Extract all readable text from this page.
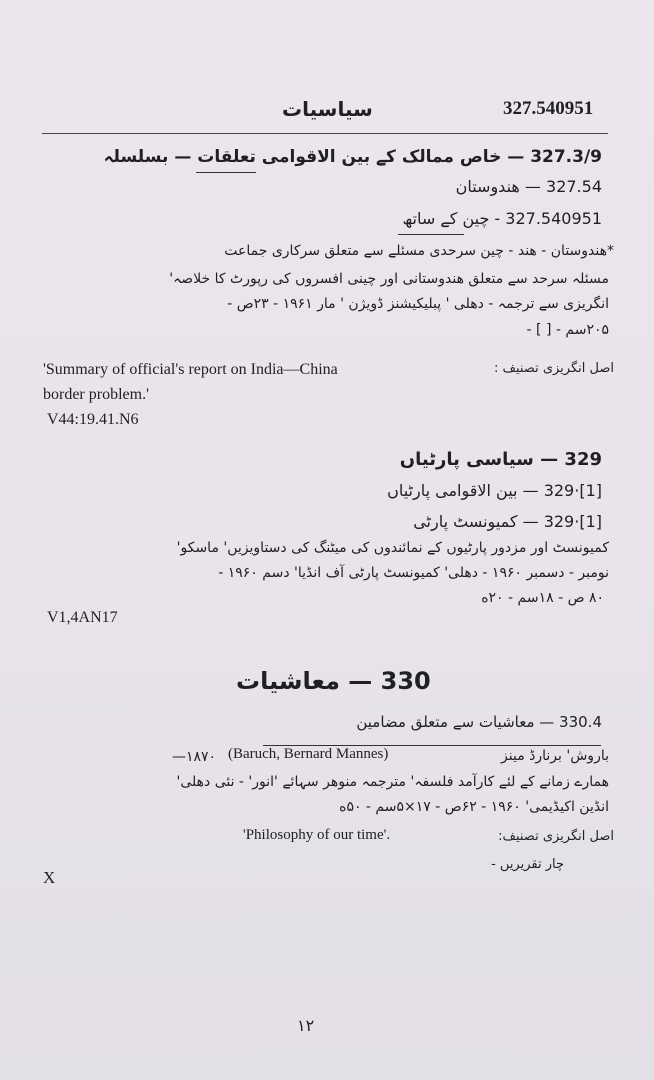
327.540951
سیاسیات
327.3/9 — خاص ممالک کے بین الاقوامی تعلقات — بسلسلہ
327.54 — هندوستان
327.540951 - چین کے ساتھ
*هندوستان - هند - چین سرحدی مسئلے سے متعلق سرکاری جماعت
مسئلہ سرحد سے متعلق هندوستانی اور چینی افسروں کی رپورٹ کا خلاصہ'
انگریزی سے ترجمہ - دهلی ' پبلیکیشنز ڈویژن ' مار ۱۹۶۱ - ۲۳ص -
۲۰۵سم - [ ] -
'Summary of official's report on India—China	اصل انگریزی تصنیف :
border problem.'
V44:19.41.N6
329 — سیاسی پارٹیاں
[1]·329 — بین الاقوامی پارٹیاں
[1]·329 — کمیونسٹ پارٹی
کمیونسٹ اور مزدور پارٹیوں کے نمائندوں کی میٹنگ کی دستاویزیں' ماسکو'
نومبر - دسمبر ۱۹۶۰ - دهلی' کمیونسٹ پارٹی آف انڈیا' دسم ۱۹۶۰ -
۸۰ ص - ۱۸سم - ۲۰ه
V1,4AN17
330 — معاشیات
330.4 — معاشیات سے متعلق مضامین
—۱۸۷۰ (Baruch, Bernard Mannes)	باروش' برنارڈ مینز
همارے زمانے کے لئے کارآمد فلسفہ' مترجمہ منوهر سہائے 'انور' - نئی دهلی'
انڈین اکیڈیمی' ۱۹۶۰ - ۶۲ص - ۱۷×۵سم - ۵۰ه
'Philosophy of our time'.	اصل انگریزی تصنیف:
چار تقریریں -
X
۱۲
